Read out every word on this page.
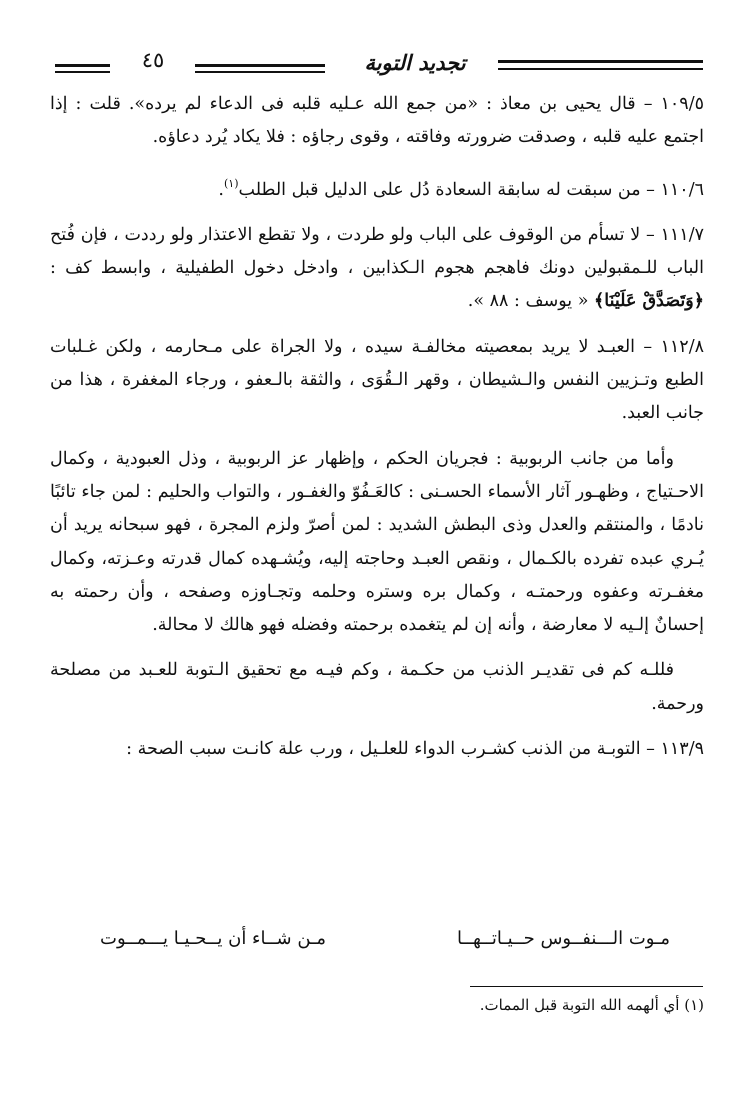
تجديد التوبة
٤٥

١٠٩/٥ – قال يحيى بن معاذ : «من جمع الله عـليه قلبه فى الدعاء لم يرده». قلت : إذا اجتمع عليه قلبه ، وصدقت ضرورته وفاقته ، وقوى رجاؤه : فلا يكاد يُرد دعاؤه.

١١٠/٦ – من سبقت له سابقة السعادة دُل على الدليل قبل الطلب$^{(١)}$.

١١١/٧ – لا تسأم من الوقوف على الباب ولو طردت ، ولا تقطع الاعتذار ولو رددت ، فإن فُتح الباب للـمقبولين دونك فاهجم هجوم الـكذابين ، وادخل دخول الطفيلية ، وابسط كف : ﴿وَتَصَدَّقْ عَلَيْنَا﴾ « يوسف : ٨٨ ».

١١٢/٨ – العبـد لا يريد بمعصيته مخالفـة سيده ، ولا الجراة على مـحارمه ، ولكن غـلبات الطبع وتـزيين النفس والـشيطان ، وقهر الـقُوَى ، والثقة بالـعفو ، ورجاء المغفرة ، هذا من جانب العبد.

وأما من جانب الربوبية : فجريان الحكم ، وإظهار عز الربوبية ، وذل العبودية ، وكمال الاحـتياج ، وظهـور آثار الأسماء الحسـنى : كالعَـفُوّ والغفـور ، والتواب والحليم : لمن جاء تائبًا نادمًا ، والمنتقم والعدل وذى البطش الشديد : لمن أصرّ ولزم المجرة ، فهو سبحانه يريد أن يُـري عبده تفرده بالكـمال ، ونقص العبـد وحاجته إليه، ويُشـهده كمال قدرته وعـزته، وكمال مغفـرته وعفوه ورحمتـه ، وكمال بره وستره وحلمه وتجـاوزه وصفحه ، وأن رحمته به إحسانٌ إلـيه لا معارضة ، وأنه إن لم يتغمده برحمته وفضله فهو هالك لا محالة.

فللـه كم فى تقديـر الذنب من حكـمة ، وكم فيـه مع تحقيق الـتوبة للعـبد من مصلحة ورحمة.

١١٣/٩ – التوبـة من الذنب كشـرب الدواء للعلـيل ، ورب علة كانـت سبب الصحة :

مـوت الـــنفــوس حــيـاتــهــا
مـن شــاء أن يــحـيـا يـــمــوت
(١) أي ألهمه الله التوبة قبل الممات.
